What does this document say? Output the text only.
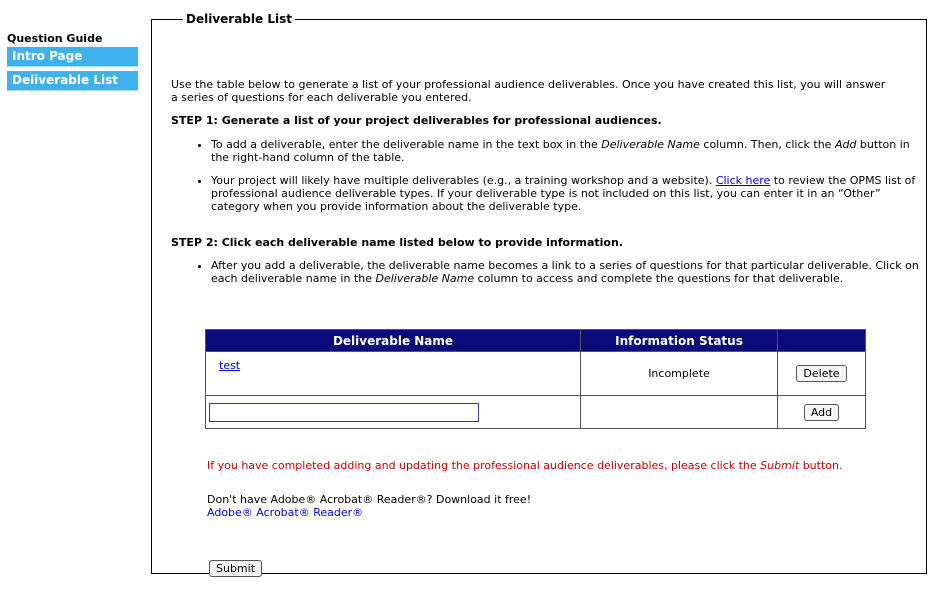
Question Guide
Intro Page
Deliverable List
Deliverable List

Use the table below to generate a list of your professional audience deliverables. Once you have created this list, you will answer a series of questions for each deliverable you entered.

STEP 1: Generate a list of your project deliverables for professional audiences.

• To add a deliverable, enter the deliverable name in the text box in the Deliverable Name column. Then, click the Add button in the right-hand column of the table.
• Your project will likely have multiple deliverables (e.g., a training workshop and a website). Click here to review the OPMS list of professional audience deliverable types. If your deliverable type is not included on this list, you can enter it in an “Other” category when you provide information about the deliverable type.

STEP 2: Click each deliverable name listed below to provide information.

• After you add a deliverable, the deliverable name becomes a link to a series of questions for that particular deliverable. Click on each deliverable name in the Deliverable Name column to access and complete the questions for that deliverable.
Deliverable Name	Information Status	
test	Incomplete	Delete
		Add

If you have completed adding and updating the professional audience deliverables, please click the Submit button.

Don't have Adobe® Acrobat® Reader®? Download it free!
Adobe® Acrobat® Reader®
Submit
